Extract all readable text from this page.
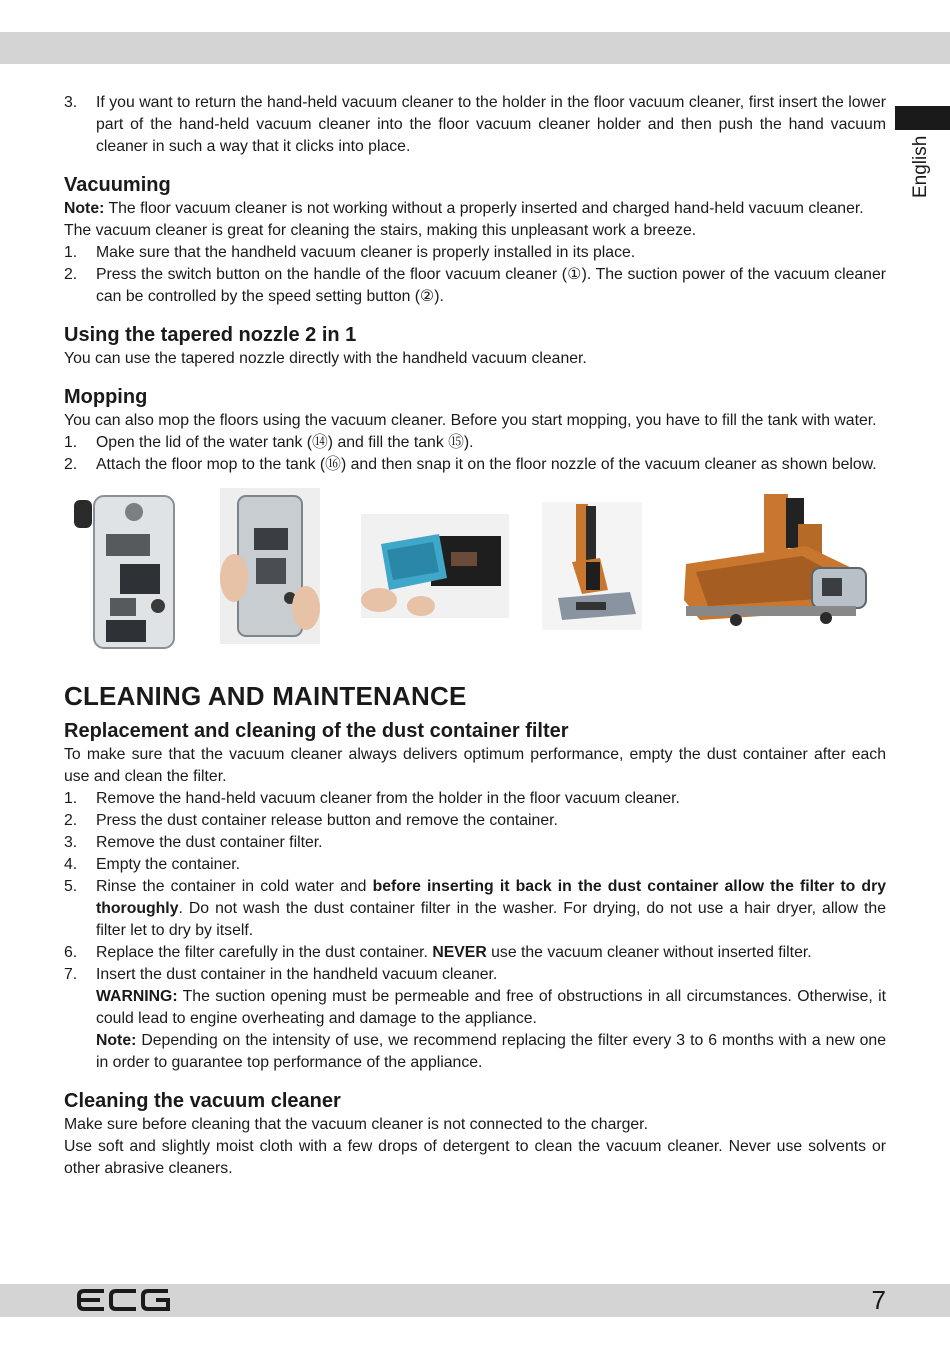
English
3. If you want to return the hand-held vacuum cleaner to the holder in the floor vacuum cleaner, first insert the lower part of the hand-held vacuum cleaner into the floor vacuum cleaner holder and then push the hand vacuum cleaner in such a way that it clicks into place.
Vacuuming

Note: The floor vacuum cleaner is not working without a properly inserted and charged hand-held vacuum cleaner.

The vacuum cleaner is great for cleaning the stairs, making this unpleasant work a breeze.

1. Make sure that the handheld vacuum cleaner is properly installed in its place.
2. Press the switch button on the handle of the floor vacuum cleaner (①). The suction power of the vacuum cleaner can be controlled by the speed setting button (②).
Using the tapered nozzle 2 in 1

You can use the tapered nozzle directly with the handheld vacuum cleaner.

Mopping

You can also mop the floors using the vacuum cleaner. Before you start mopping, you have to fill the tank with water.

1. Open the lid of the water tank (⑭) and fill the tank ⑮).
2. Attach the floor mop to the tank (⑯) and then snap it on the floor nozzle of the vacuum cleaner as shown below.
CLEANING AND MAINTENANCE
Replacement and cleaning of the dust container filter

To make sure that the vacuum cleaner always delivers optimum performance, empty the dust container after each use and clean the filter.

1. Remove the hand-held vacuum cleaner from the holder in the floor vacuum cleaner.
2. Press the dust container release button and remove the container.
3. Remove the dust container filter.
4. Empty the container.
5. Rinse the container in cold water and before inserting it back in the dust container allow the filter to dry thoroughly. Do not wash the dust container filter in the washer. For drying, do not use a hair dryer, allow the filter let to dry by itself.
6. Replace the filter carefully in the dust container. NEVER use the vacuum cleaner without inserted filter.
7. Insert the dust container in the handheld vacuum cleaner.
WARNING: The suction opening must be permeable and free of obstructions in all circumstances. Otherwise, it could lead to engine overheating and damage to the appliance.
Note: Depending on the intensity of use, we recommend replacing the filter every 3 to 6 months with a new one in order to guarantee top performance of the appliance.
Cleaning the vacuum cleaner

Make sure before cleaning that the vacuum cleaner is not connected to the charger.

Use soft and slightly moist cloth with a few drops of detergent to clean the vacuum cleaner. Never use solvents or other abrasive cleaners.

7
